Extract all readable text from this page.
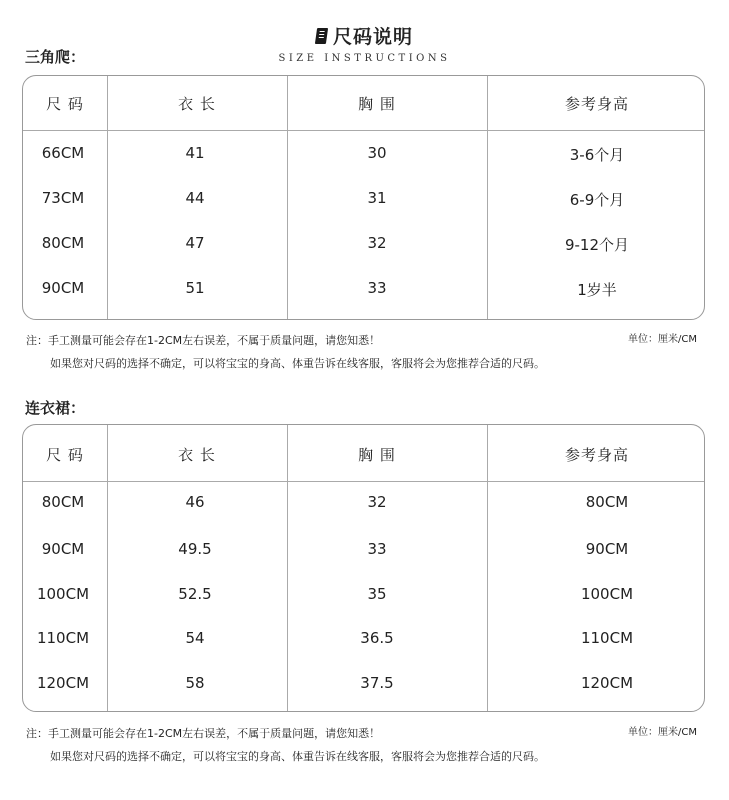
尺码说明
SIZE INSTRUCTIONS
三角爬：
尺 码	衣 长	胸 围	参考身高
66CM	41	30	3-6个月
73CM	44	31	6-9个月
80CM	47	32	9-12个月
90CM	51	33	1岁半
注：手工测量可能会存在1-2CM左右误差，不属于质量问题，请您知悉！	单位：厘米/CM
如果您对尺码的选择不确定，可以将宝宝的身高、体重告诉在线客服，客服将会为您推荐合适的尺码。
连衣裙：
尺 码	衣 长	胸 围	参考身高
80CM	46	32	80CM
90CM	49.5	33	90CM
100CM	52.5	35	100CM
110CM	54	36.5	110CM
120CM	58	37.5	120CM
注：手工测量可能会存在1-2CM左右误差，不属于质量问题，请您知悉！	单位：厘米/CM
如果您对尺码的选择不确定，可以将宝宝的身高、体重告诉在线客服，客服将会为您推荐合适的尺码。
